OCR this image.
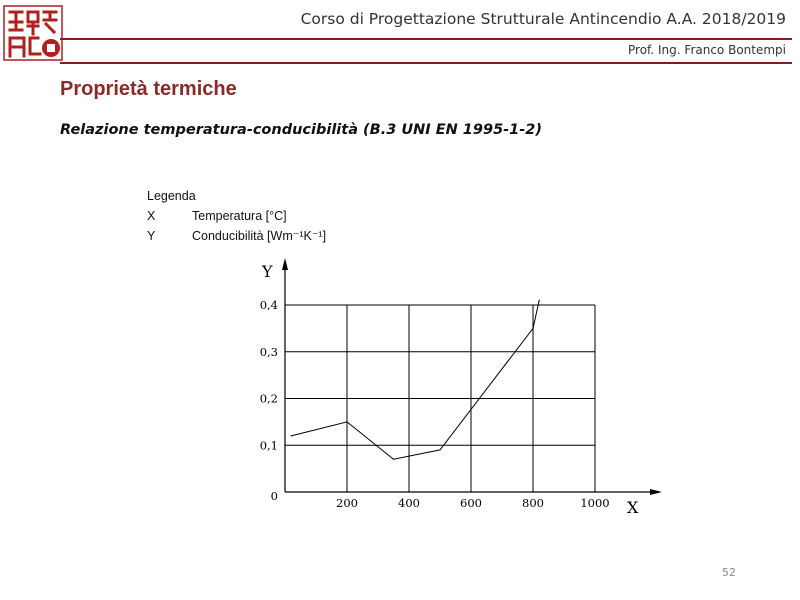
Corso di Progettazione Strutturale Antincendio A.A. 2018/2019
Prof. Ing. Franco Bontempi
Proprietà termiche
Relazione temperatura-conducibilità (B.3 UNI EN 1995-1-2)
Legenda
X	Temperatura [°C]
Y	Conducibilità [Wm⁻¹K⁻¹]
Y
X
200	400	600	800	1000
0
0,1
0,2
0,3
0,4
52
